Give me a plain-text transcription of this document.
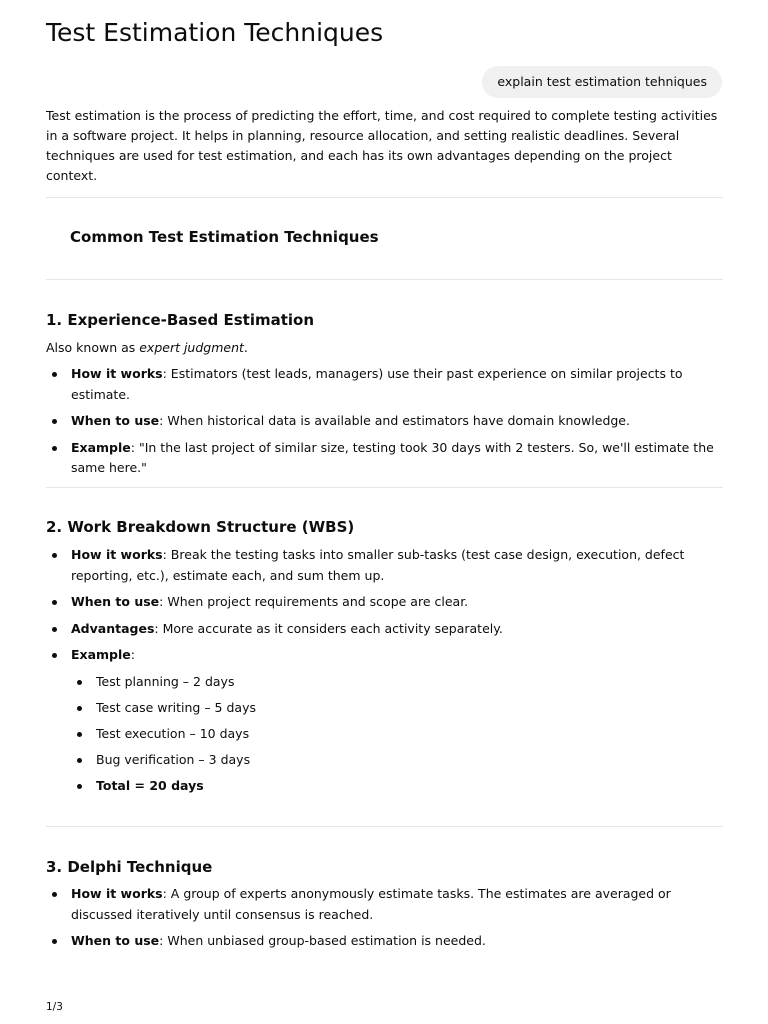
Test Estimation Techniques
explain test estimation tehniques

Test estimation is the process of predicting the effort, time, and cost required to complete testing activities in a software project. It helps in planning, resource allocation, and setting realistic deadlines. Several techniques are used for test estimation, and each has its own advantages depending on the project context.

Common Test Estimation Techniques
1. Experience-Based Estimation

Also known as expert judgment.

How it works: Estimators (test leads, managers) use their past experience on similar projects to estimate.
When to use: When historical data is available and estimators have domain knowledge.
Example: "In the last project of similar size, testing took 30 days with 2 testers. So, we'll estimate the same here."
2. Work Breakdown Structure (WBS)
How it works: Break the testing tasks into smaller sub-tasks (test case design, execution, defect reporting, etc.), estimate each, and sum them up.
When to use: When project requirements and scope are clear.
Advantages: More accurate as it considers each activity separately.
Example:
Test planning – 2 days
Test case writing – 5 days
Test execution – 10 days
Bug verification – 3 days
Total = 20 days
3. Delphi Technique
How it works: A group of experts anonymously estimate tasks. The estimates are averaged or discussed iteratively until consensus is reached.
When to use: When unbiased group-based estimation is needed.
1/3
